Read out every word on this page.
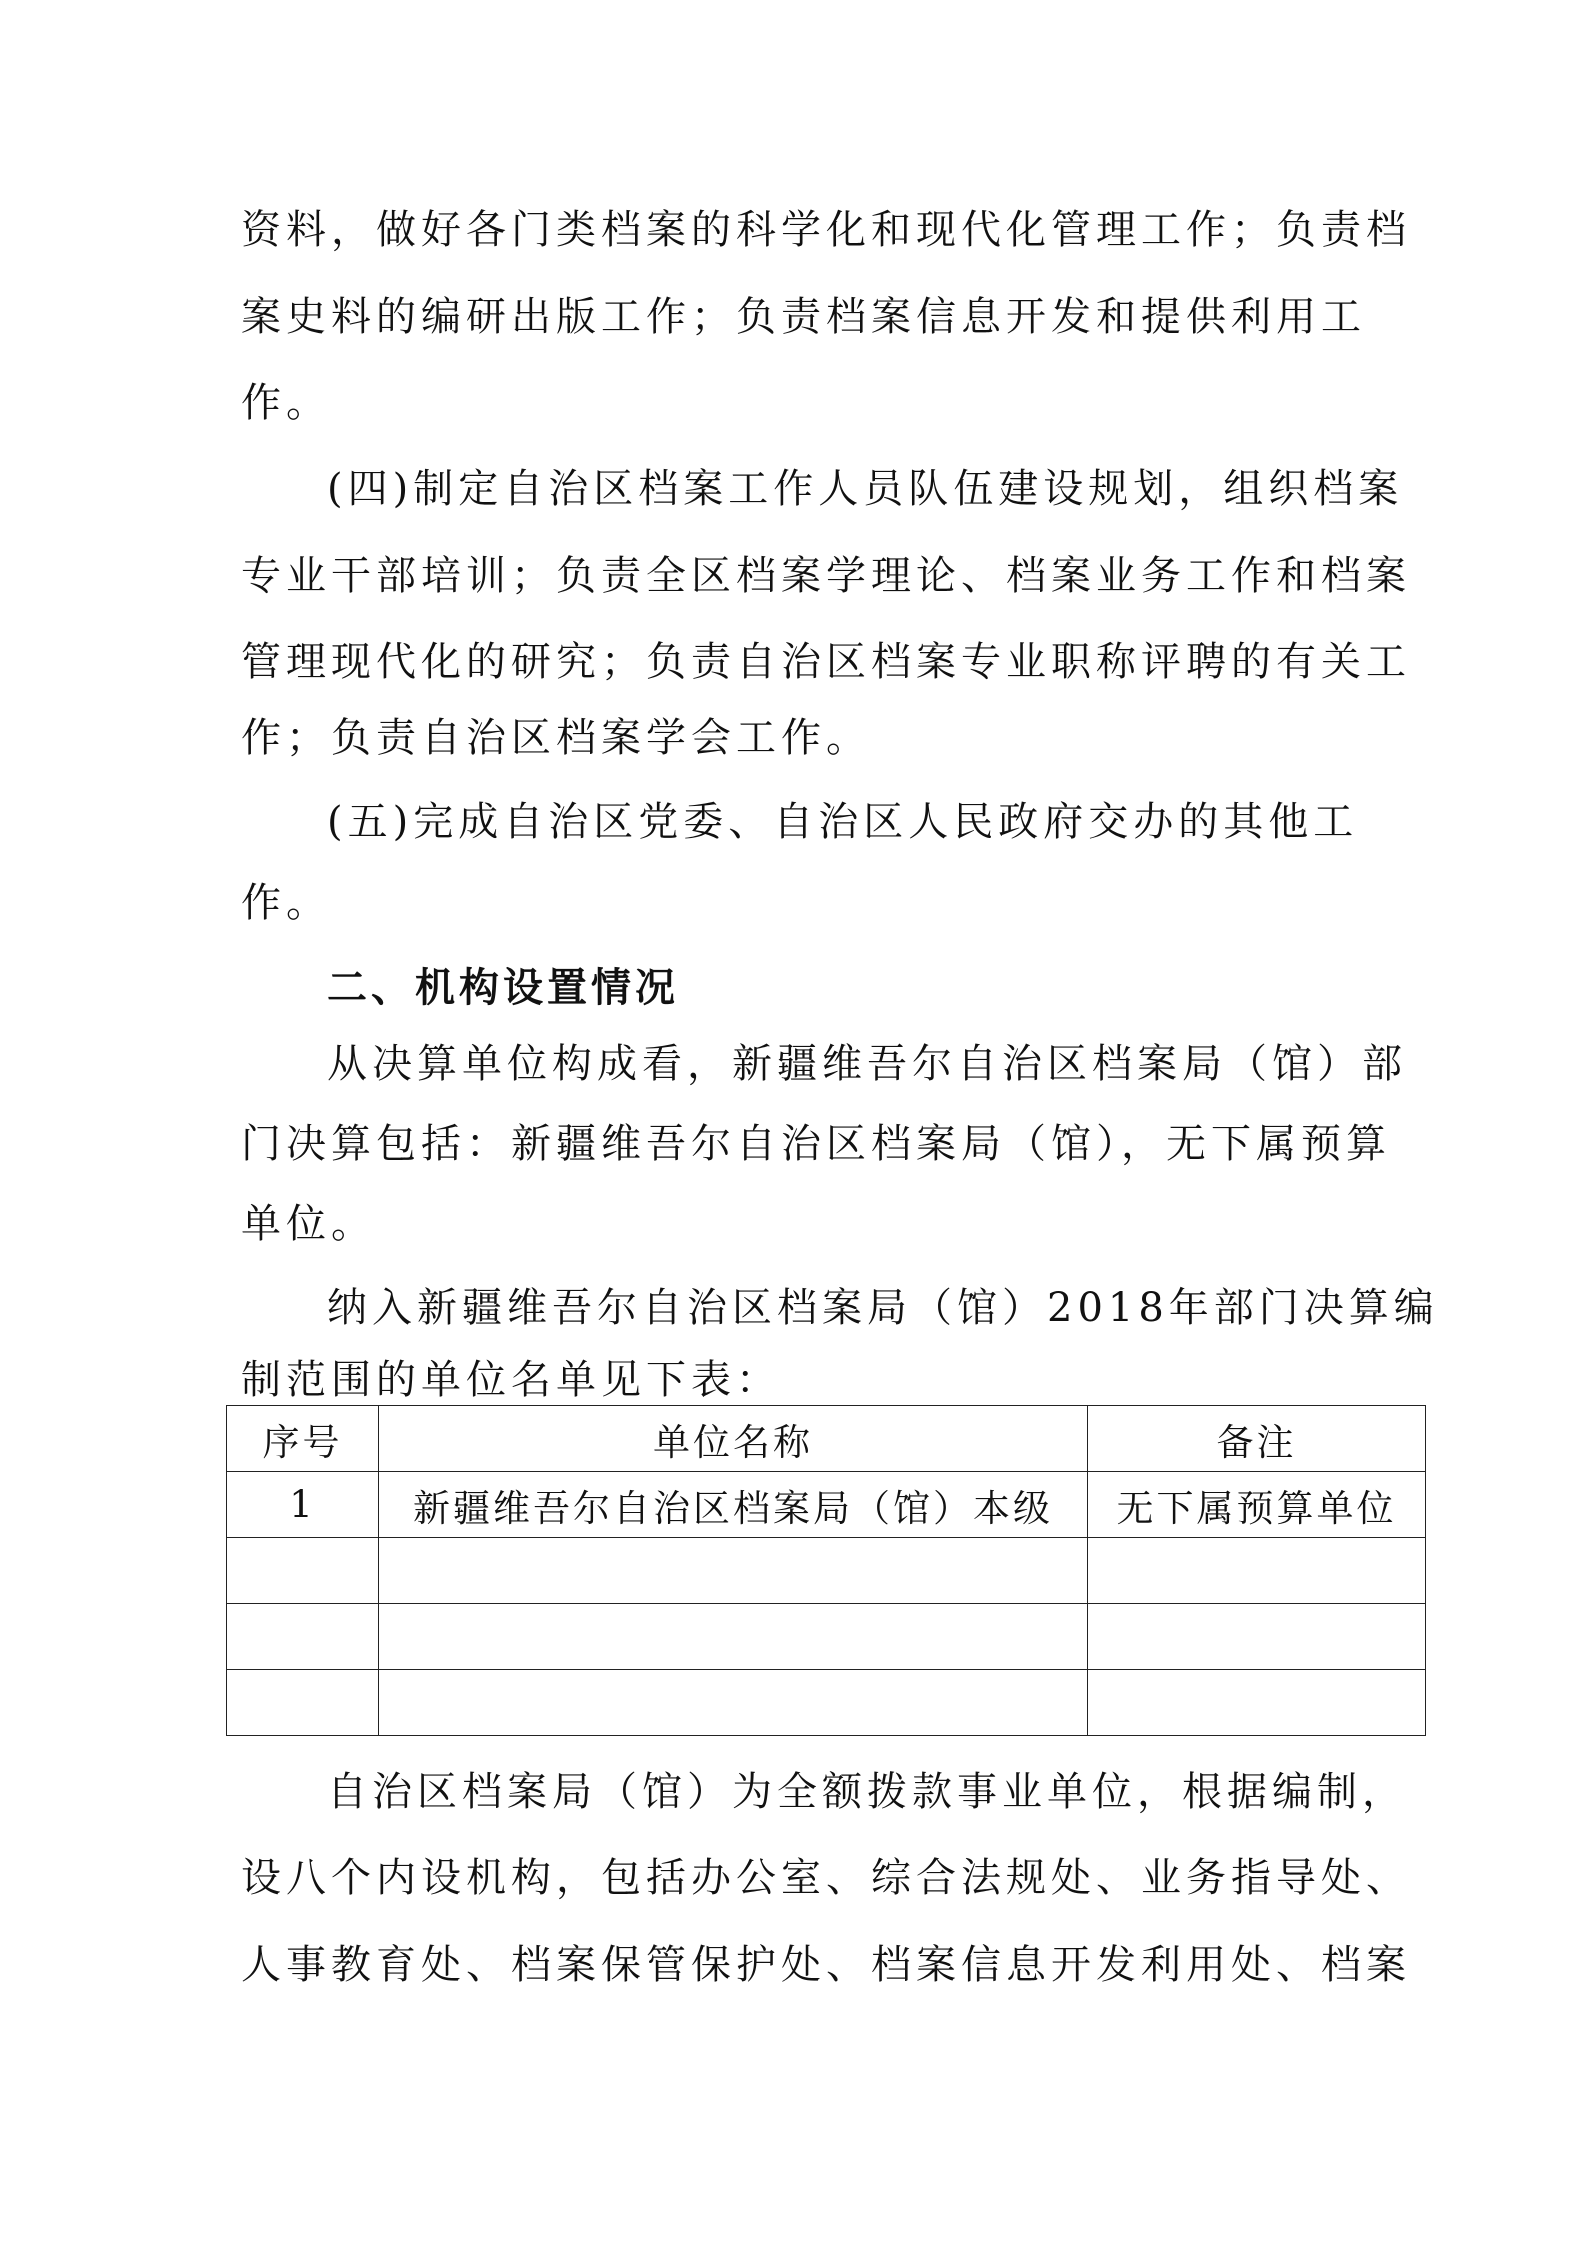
资料，做好各门类档案的科学化和现代化管理工作；负责档
案史料的编研出版工作；负责档案信息开发和提供利用工
作。
(四)制定自治区档案工作人员队伍建设规划，组织档案
专业干部培训；负责全区档案学理论、档案业务工作和档案
管理现代化的研究；负责自治区档案专业职称评聘的有关工
作；负责自治区档案学会工作。
(五)完成自治区党委、自治区人民政府交办的其他工
作。
二、机构设置情况
从决算单位构成看，新疆维吾尔自治区档案局（馆）部
门决算包括：新疆维吾尔自治区档案局（馆），无下属预算
单位。
纳入新疆维吾尔自治区档案局（馆）2018年部门决算编
制范围的单位名单见下表：
序号	单位名称	备注
1	新疆维吾尔自治区档案局（馆）本级	无下属预算单位

自治区档案局（馆）为全额拨款事业单位，根据编制，
设八个内设机构，包括办公室、综合法规处、业务指导处、
人事教育处、档案保管保护处、档案信息开发利用处、档案
